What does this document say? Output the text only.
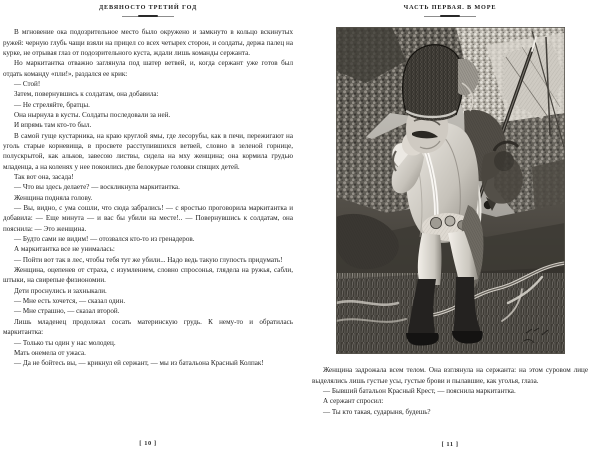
ДЕВЯНОСТО ТРЕТИЙ ГОД

В мгновение ока подозрительное место было окружено и замкнуто в кольцо вскинутых ружей: черную глубь чащи взяли на прицел со всех четырех сторон, и солдаты, держа палец на курке, не отрывая глаз от подозрительного куста, ждали лишь команды сержанта.

Но маркитантка отважно заглянула под шатер ветвей, и, когда сержант уже готов был отдать команду «пли!», раздался ее крик:

— Стой!

Затем, повернувшись к солдатам, она добавила:

— Не стреляйте, братцы.

Она нырнула в кусты. Солдаты последовали за ней.

И впрямь там кто-то был.

В самой гуще кустарника, на краю круглой ямы, где лесорубы, как в печи, пережигают на уголь старые корневища, в просвете расступившихся ветвей, словно в зеленой горнице, полускрытой, как альков, завесою листвы, сидела на мху женщина; она кормила грудью младенца, а на коленях у нее покоились две белокурые головки спящих детей.

Так вот она, засада!

— Что вы здесь делаете? — воскликнула маркитантка.

Женщина подняла голову.

— Вы, видно, с ума сошли, что сюда забрались! — с яростью проговорила маркитантка и добавила: — Еще минута — и вас бы убили на месте!.. — Повернувшись к солдатам, она пояснила: — Это женщина.

— Будто сами не видим! — отозвался кто-то из гренадеров.

А маркитантка все не унималась:

— Пойти вот так в лес, чтобы тебя тут же убили... Надо ведь такую глупость придумать!

Женщина, оцепенев от страха, с изумлением, словно спросонья, глядела на ружья, сабли, штыки, на свирепые физиономии.

Дети проснулись и захныкали.

— Мне есть хочется, — сказал один.

— Мне страшно, — сказал второй.

Лишь младенец продолжал сосать материнскую грудь. К нему-то и обратилась маркитантка:

— Только ты один у нас молодец.

Мать онемела от ужаса.

— Да не бойтесь вы, — крикнул ей сержант, — мы из батальона Красный Колпак!

[ 10 ]
ЧАСТЬ ПЕРВАЯ. В МОРЕ

Женщина задрожала всем телом. Она взглянула на сержанта: на этом суровом лице выделялись лишь густые усы, густые брови и пылавшие, как уголья, глаза.

— Бывший батальон Красный Крест, — пояснила маркитантка.

А сержант спросил:

— Ты кто такая, сударыня, будешь?

[ 11 ]
